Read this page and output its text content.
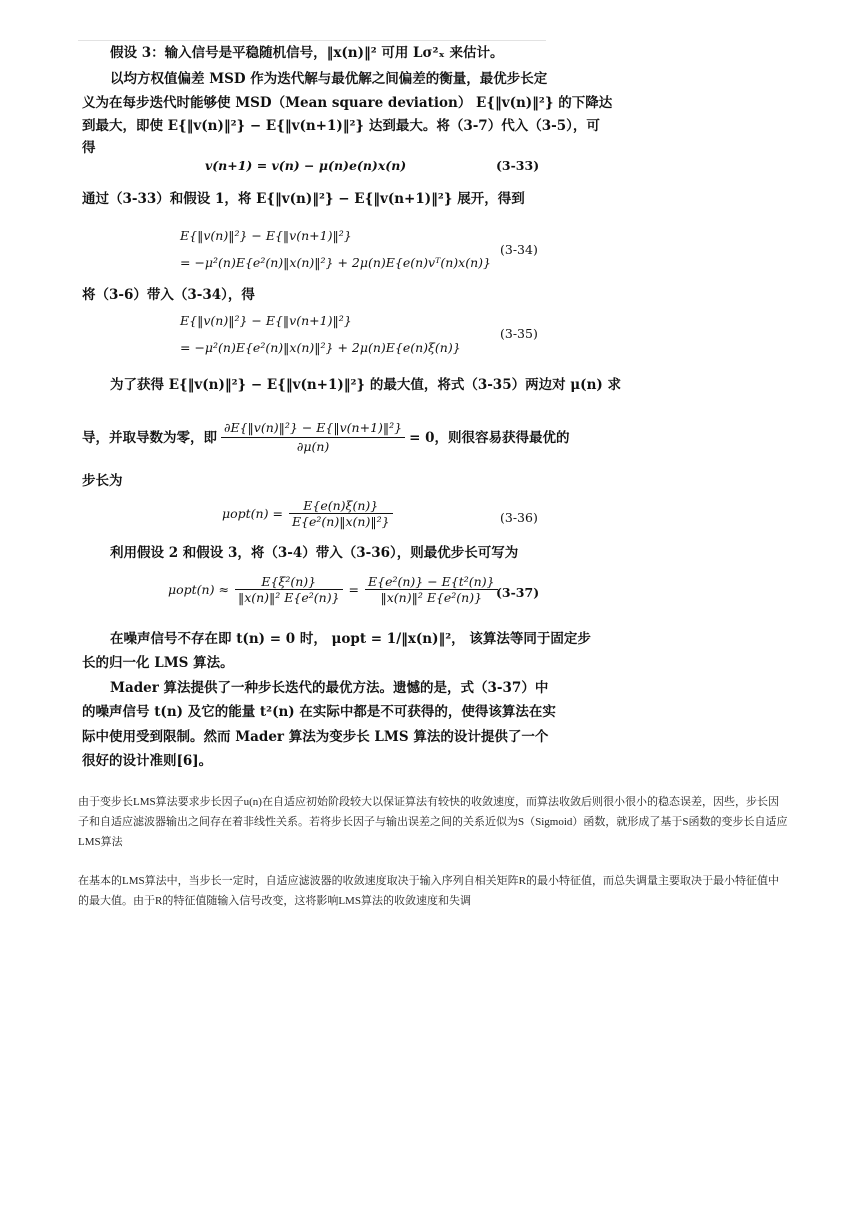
假设 3：输入信号是平稳随机信号，‖x(n)‖² 可用 Lσ²ₓ 来估计。
以均方权值偏差 MSD 作为迭代解与最优解之间偏差的衡量，最优步长定
义为在每步迭代时能够使 MSD（Mean square deviation） E{‖v(n)‖²} 的下降达
到最大，即使 E{‖v(n)‖²} − E{‖v(n+1)‖²} 达到最大。将（3-7）代入（3-5），可
得
v(n+1) = v(n) − μ(n)e(n)x(n)	(3-33)
通过（3-33）和假设 1，将 E{‖v(n)‖²} − E{‖v(n+1)‖²} 展开，得到
E{‖v(n)‖²} − E{‖v(n+1)‖²}
= −μ²(n)E{e²(n)‖x(n)‖²} + 2μ(n)E{e(n)vᵀ(n)x(n)}
(3-34)
将（3-6）带入（3-34），得
E{‖v(n)‖²} − E{‖v(n+1)‖²}
= −μ²(n)E{e²(n)‖x(n)‖²} + 2μ(n)E{e(n)ξ(n)}
(3-35)
为了获得 E{‖v(n)‖²} − E{‖v(n+1)‖²} 的最大值，将式（3-35）两边对 μ(n) 求
导，并取导数为零，即 $\frac{\text{∂E\{‖v(n)‖²\} − E\{‖v(n+1)‖²\}}}{\partial\mu(n)} = 0$，则很容易获得最优的
步长为
$\mu opt(n) = \frac{E\{e(n)\xi(n)\}}{\text{E\{e²(n)‖x(n)‖²\}}}$	(3-36)
利用假设 2 和假设 3，将（3-4）带入（3-36），则最优步长可写为
$\mu opt(n) \approx \frac{\text{E\{ξ²(n)\}}}{\text{‖x(n)‖² E\{e²(n)\}}} = \frac{\text{E\{e²(n)\} − E\{t²(n)\}}}{\text{‖x(n)‖² E\{e²(n)\}}}$
(3-37)
在噪声信号不存在即 t(n) = 0 时， μopt = 1/‖x(n)‖²， 该算法等同于固定步
长的归一化 LMS 算法。
Mader 算法提供了一种步长迭代的最优方法。遗憾的是，式（3-37）中
的噪声信号 t(n) 及它的能量 t²(n) 在实际中都是不可获得的，使得该算法在实
际中使用受到限制。然而 Mader 算法为变步长 LMS 算法的设计提供了一个
很好的设计准则[6]。
由于变步长LMS算法要求步长因子u(n)在自适应初始阶段较大以保证算法有较快的收敛速度，而算法收敛后则很小很小的稳态误差，因些，步长因子和自适应滤波器输出之间存在着非线性关系。若将步长因子与输出误差之间的关系近似为S（Sigmoid）函数，就形成了基于S函数的变步长自适应LMS算法
在基本的LMS算法中，当步长一定时，自适应滤波器的收敛速度取决于输入序列自相关矩阵R的最小特征值，而总失调量主要取决于最小特征值中的最大值。由于R的特征值随输入信号改变，这将影响LMS算法的收敛速度和失调
